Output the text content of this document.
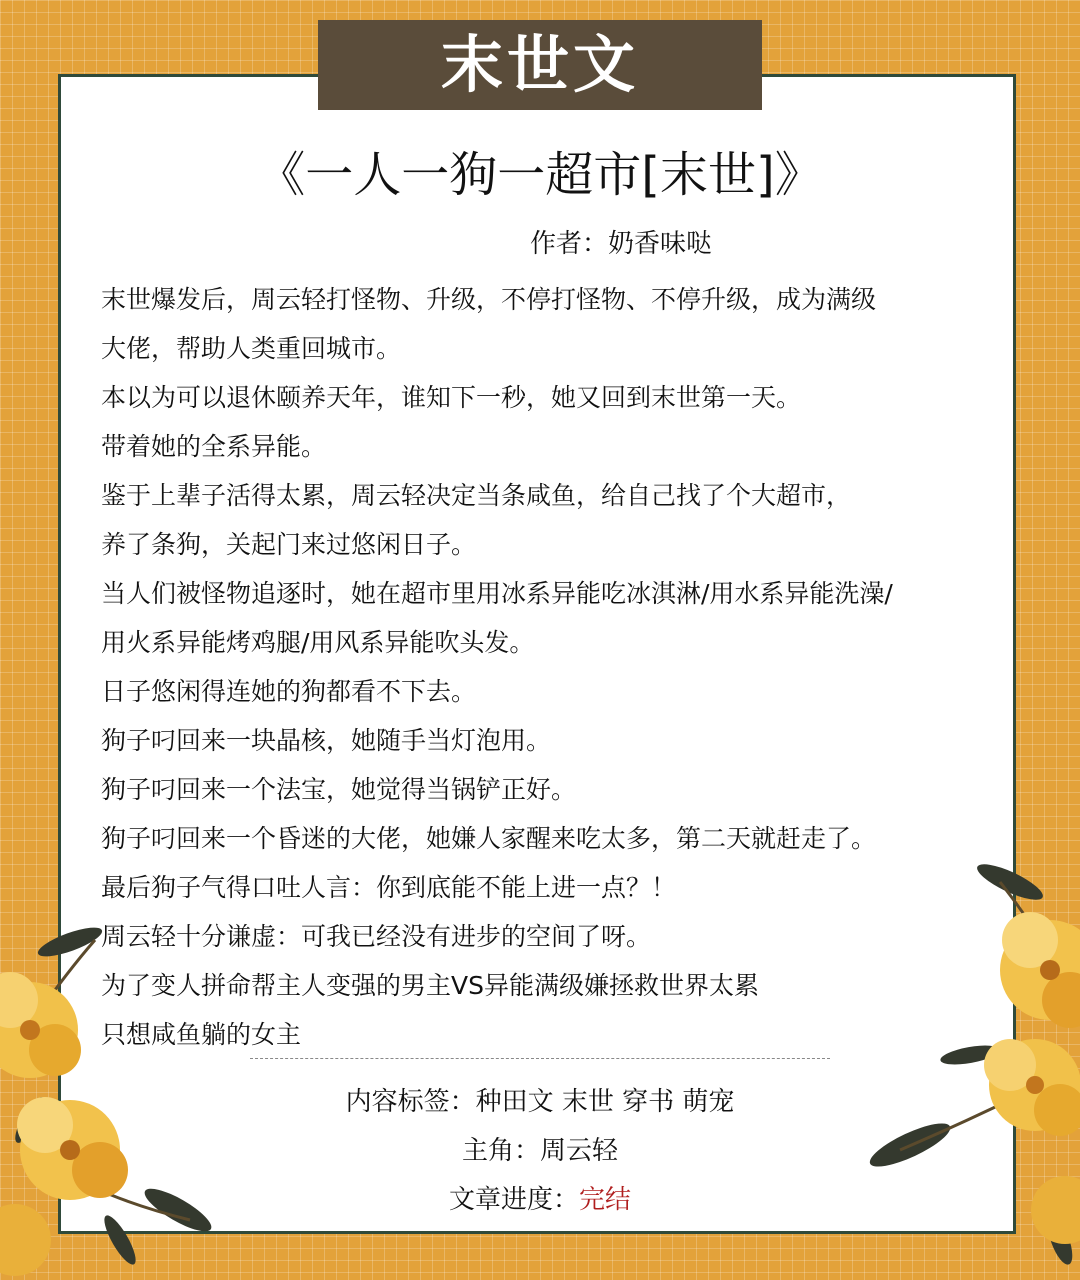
末世文
《一人一狗一超市[末世]》
作者：奶香味哒
末世爆发后，周云轻打怪物、升级，不停打怪物、不停升级，成为满级
大佬，帮助人类重回城市。
本以为可以退休颐养天年，谁知下一秒，她又回到末世第一天。
带着她的全系异能。
鉴于上辈子活得太累，周云轻决定当条咸鱼，给自己找了个大超市，
养了条狗，关起门来过悠闲日子。
当人们被怪物追逐时，她在超市里用冰系异能吃冰淇淋/用水系异能洗澡/
用火系异能烤鸡腿/用风系异能吹头发。
日子悠闲得连她的狗都看不下去。
狗子叼回来一块晶核，她随手当灯泡用。
狗子叼回来一个法宝，她觉得当锅铲正好。
狗子叼回来一个昏迷的大佬，她嫌人家醒来吃太多，第二天就赶走了。
最后狗子气得口吐人言：你到底能不能上进一点？！
周云轻十分谦虚：可我已经没有进步的空间了呀。
为了变人拼命帮主人变强的男主VS异能满级嫌拯救世界太累
只想咸鱼躺的女主
内容标签：种田文 末世 穿书 萌宠
主角：周云轻
文章进度：完结
